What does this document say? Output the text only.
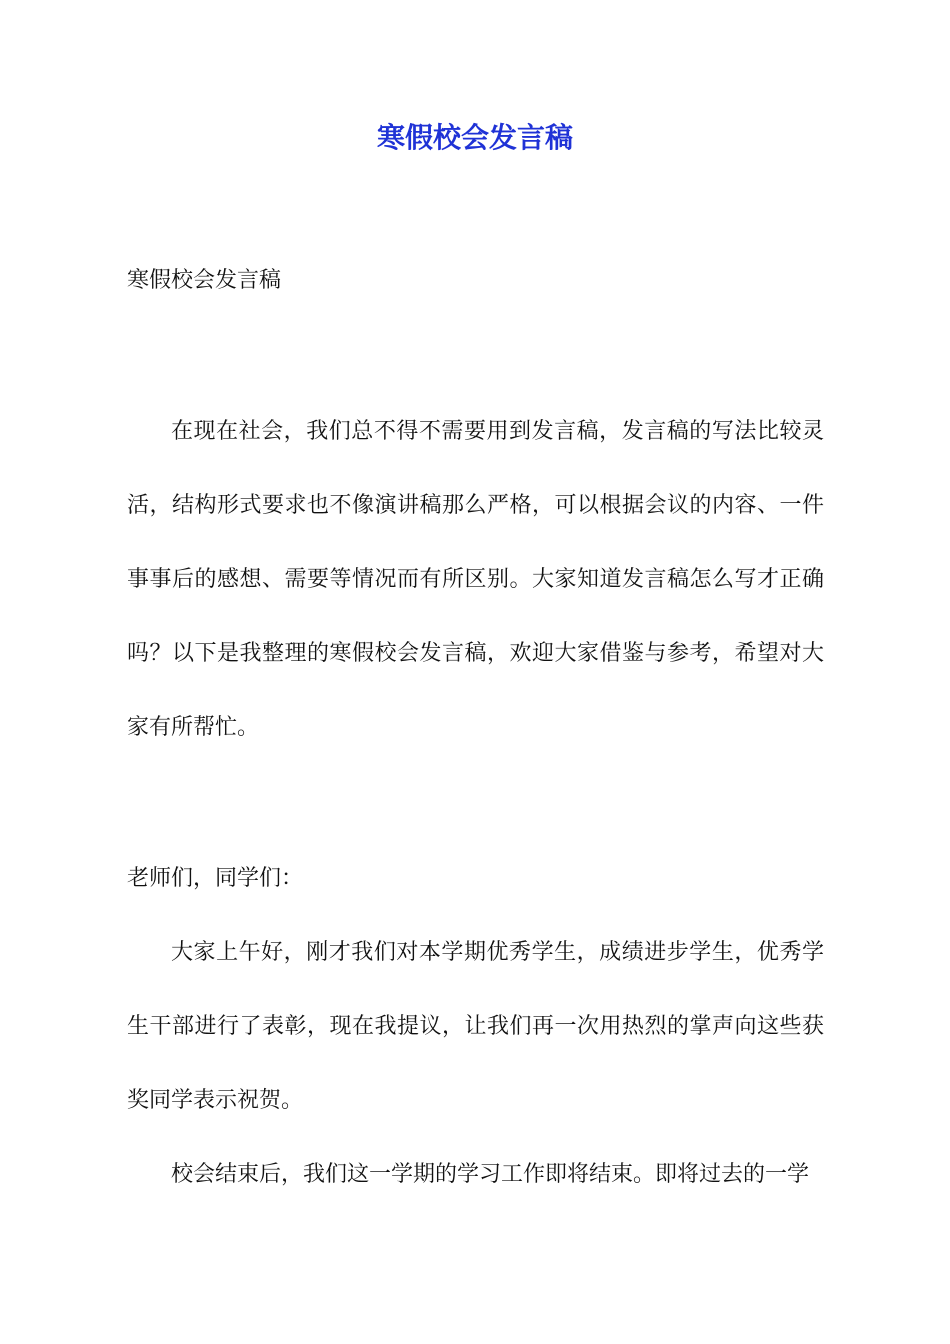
寒假校会发言稿

寒假校会发言稿

在现在社会，我们总不得不需要用到发言稿，发言稿的写法比较灵活，结构形式要求也不像演讲稿那么严格，可以根据会议的内容、一件事事后的感想、需要等情况而有所区别。大家知道发言稿怎么写才正确吗？以下是我整理的寒假校会发言稿，欢迎大家借鉴与参考，希望对大家有所帮忙。

老师们，同学们：

大家上午好，刚才我们对本学期优秀学生，成绩进步学生，优秀学生干部进行了表彰，现在我提议，让我们再一次用热烈的掌声向这些获奖同学表示祝贺。

校会结束后，我们这一学期的学习工作即将结束。即将过去的一学
